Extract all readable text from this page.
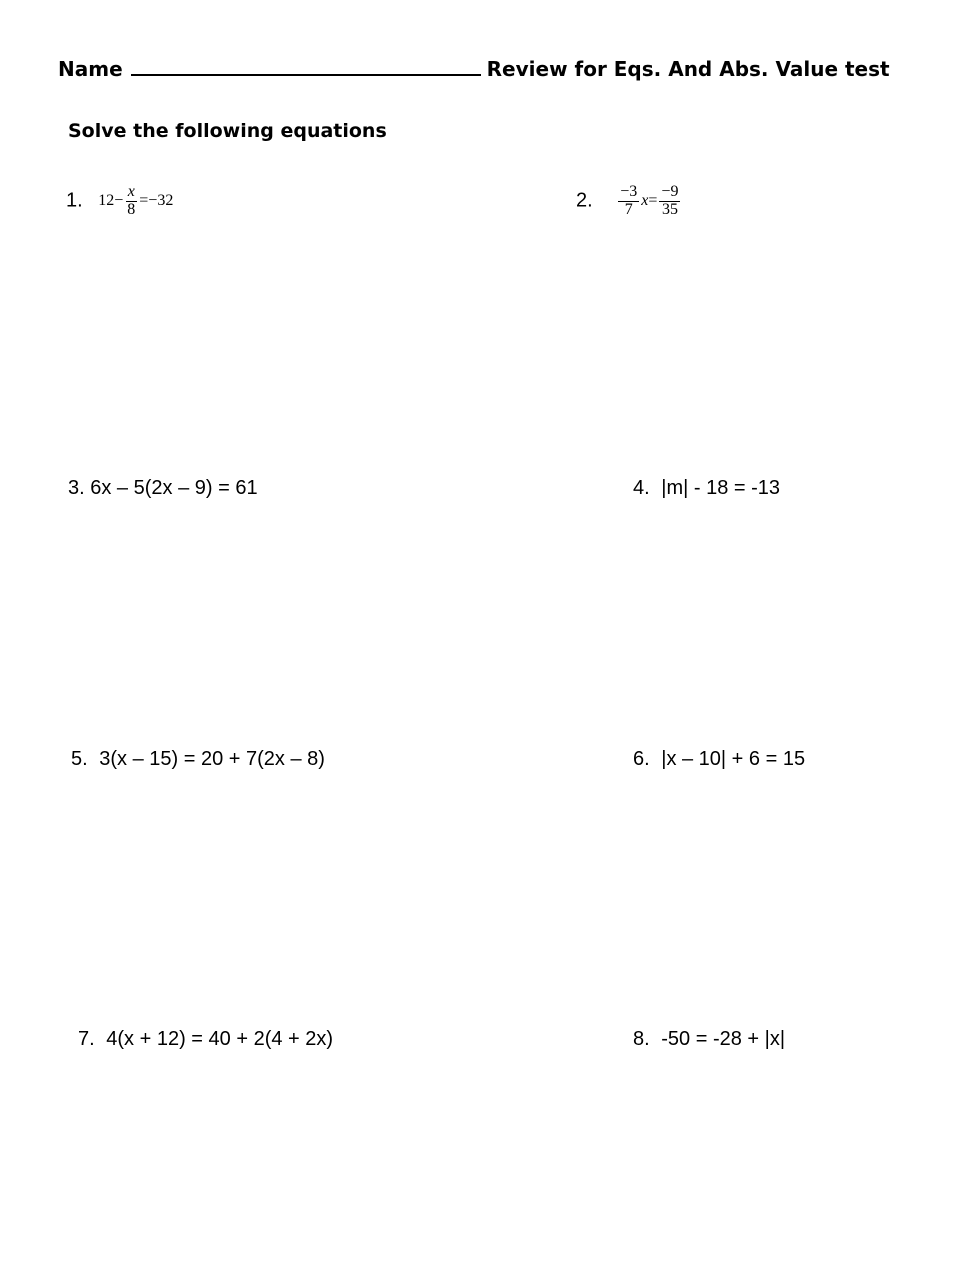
Name	Review for Eqs. And Abs. Value test
Solve the following equations
1. $12- \frac{x}{8} =-32$	2. $\frac{-3}{7}$ $x = \frac{-9}{35}$
3. 6x – 5(2x – 9) = 61	4. |m| - 18 = -13
5. 3(x – 15) = 20 + 7(2x – 8)	6. |x – 10| + 6 = 15
7. 4(x + 12) = 40 + 2(4 + 2x)	8. -50 = -28 + |x|
